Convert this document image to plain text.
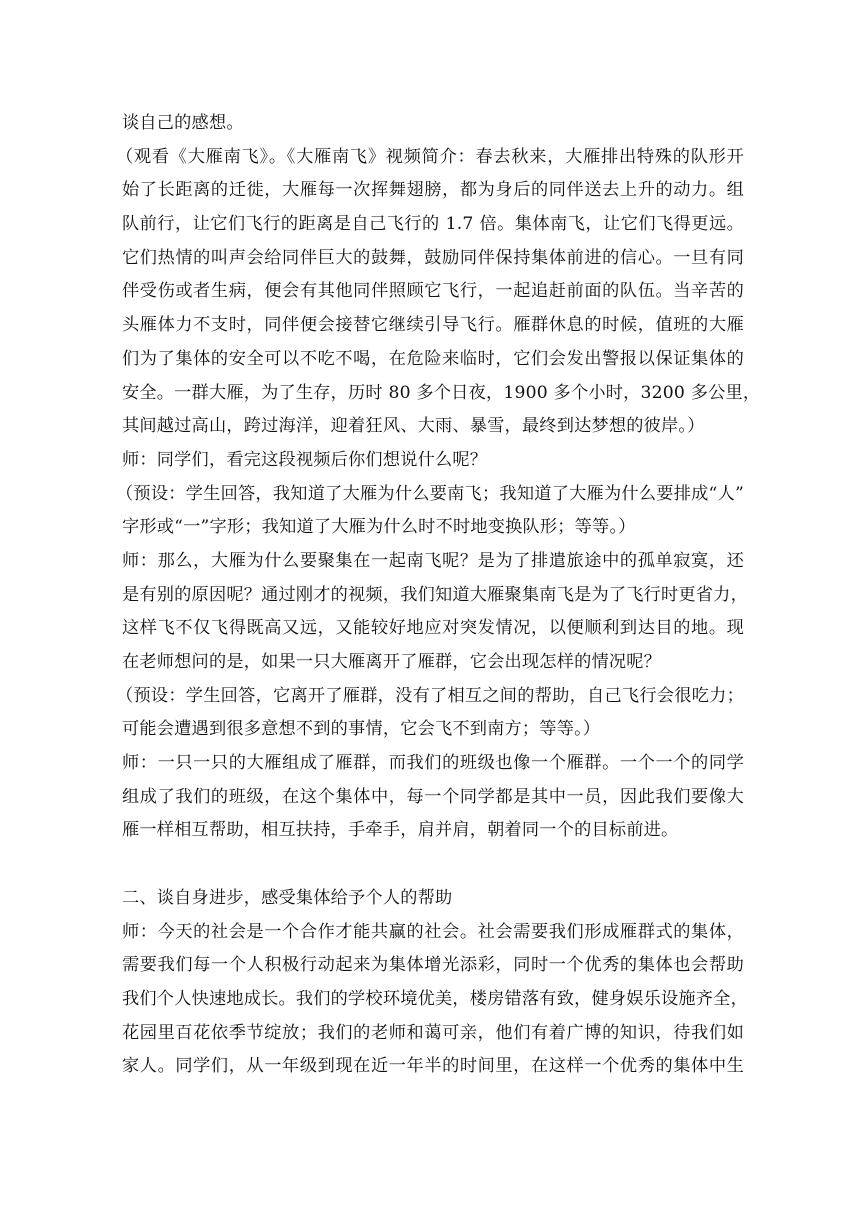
谈自己的感想。
（观看《大雁南飞》。《大雁南飞》视频简介：春去秋来，大雁排出特殊的队形开
始了长距离的迁徙，大雁每一次挥舞翅膀，都为身后的同伴送去上升的动力。组
队前行，让它们飞行的距离是自己飞行的 1.7 倍。集体南飞，让它们飞得更远。
它们热情的叫声会给同伴巨大的鼓舞，鼓励同伴保持集体前进的信心。一旦有同
伴受伤或者生病，便会有其他同伴照顾它飞行，一起追赶前面的队伍。当辛苦的
头雁体力不支时，同伴便会接替它继续引导飞行。雁群休息的时候，值班的大雁
们为了集体的安全可以不吃不喝，在危险来临时，它们会发出警报以保证集体的
安全。一群大雁，为了生存，历时 80 多个日夜，1900 多个小时，3200 多公里，
其间越过高山，跨过海洋，迎着狂风、大雨、暴雪，最终到达梦想的彼岸。）
师：同学们，看完这段视频后你们想说什么呢？
（预设：学生回答，我知道了大雁为什么要南飞；我知道了大雁为什么要排成“人”
字形或“一”字形；我知道了大雁为什么时不时地变换队形；等等。）
师：那么，大雁为什么要聚集在一起南飞呢？是为了排遣旅途中的孤单寂寞，还
是有别的原因呢？通过刚才的视频，我们知道大雁聚集南飞是为了飞行时更省力，
这样飞不仅飞得既高又远，又能较好地应对突发情况，以便顺利到达目的地。现
在老师想问的是，如果一只大雁离开了雁群，它会出现怎样的情况呢？
（预设：学生回答，它离开了雁群，没有了相互之间的帮助，自己飞行会很吃力；
可能会遭遇到很多意想不到的事情，它会飞不到南方；等等。）
师：一只一只的大雁组成了雁群，而我们的班级也像一个雁群。一个一个的同学
组成了我们的班级，在这个集体中，每一个同学都是其中一员，因此我们要像大
雁一样相互帮助，相互扶持，手牵手，肩并肩，朝着同一个的目标前进。
二、谈自身进步，感受集体给予个人的帮助
师：今天的社会是一个合作才能共赢的社会。社会需要我们形成雁群式的集体，
需要我们每一个人积极行动起来为集体增光添彩，同时一个优秀的集体也会帮助
我们个人快速地成长。我们的学校环境优美，楼房错落有致，健身娱乐设施齐全，
花园里百花依季节绽放；我们的老师和蔼可亲，他们有着广博的知识，待我们如
家人。同学们，从一年级到现在近一年半的时间里，在这样一个优秀的集体中生
